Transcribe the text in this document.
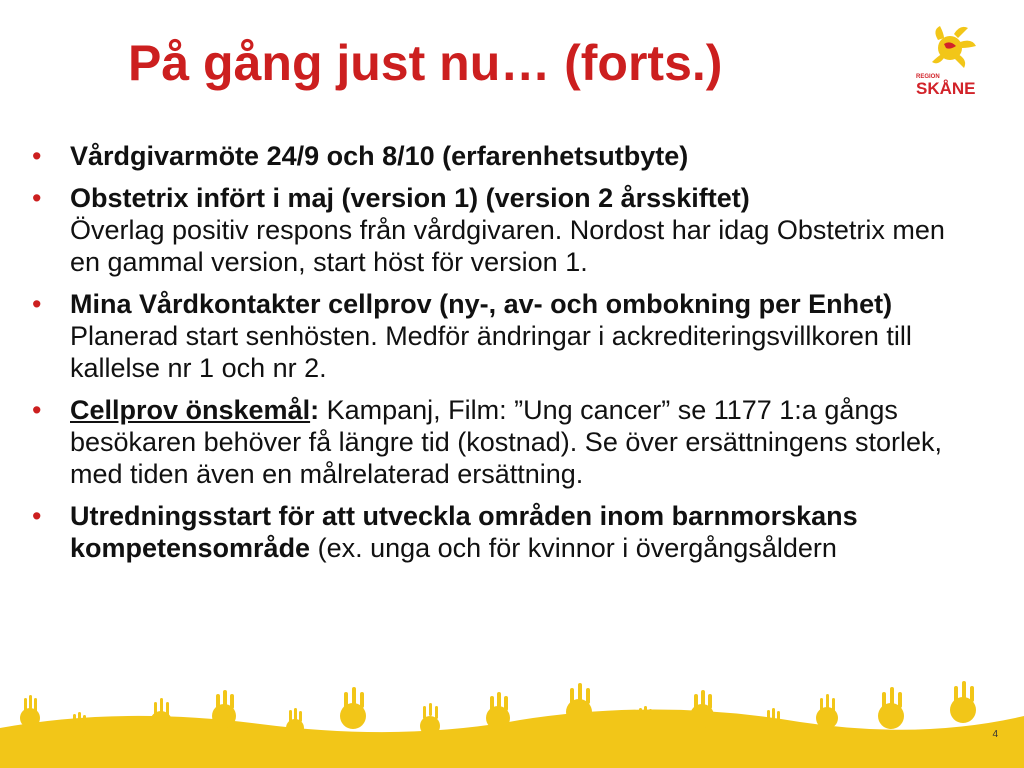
På gång just nu… (forts.)	REGION
SKÅNE
• Vårdgivarmöte 24/9 och 8/10 (erfarenhetsutbyte)
• Obstetrix infört i maj (version 1) (version 2 årsskiftet)
Överlag positiv respons från vårdgivaren. Nordost har idag Obstetrix men en gammal version, start höst för version 1.
• Mina Vårdkontakter cellprov (ny-, av- och ombokning per Enhet) Planerad start senhösten. Medför ändringar i ackrediteringsvillkoren till kallelse nr 1 och nr 2.
• Cellprov önskemål: Kampanj, Film: ”Ung cancer” se 1177 1:a gångs besökaren behöver få längre tid (kostnad). Se över ersättningens storlek, med tiden även en målrelaterad ersättning.
• Utredningsstart för att utveckla områden inom barnmorskans kompetensområde (ex. unga och för kvinnor i övergångsåldern
4
